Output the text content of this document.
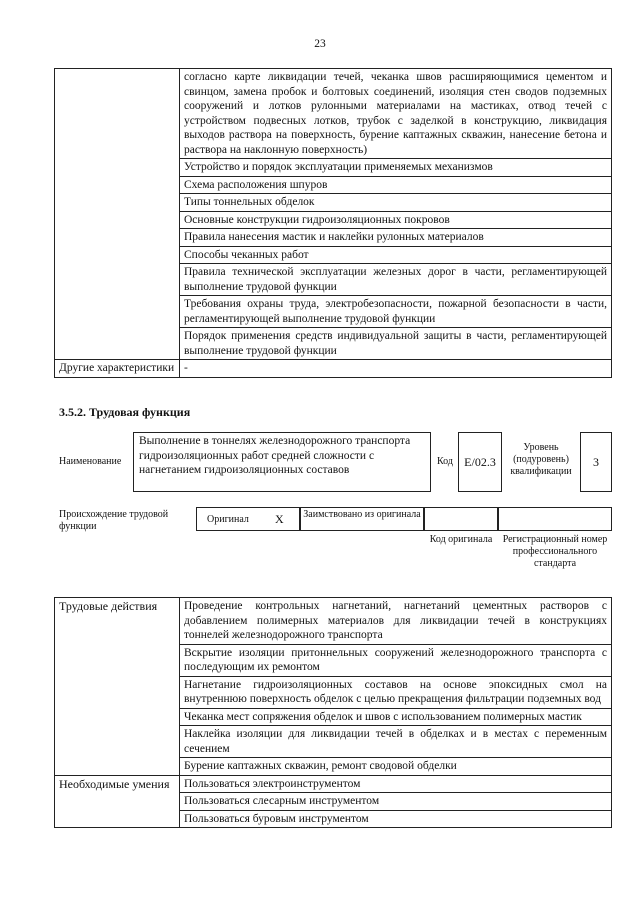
23
	согласно карте ликвидации течей, чеканка швов расширяющимися цементом и свинцом, замена пробок и болтовых соединений, изоляция стен сводов подземных сооружений и лотков рулонными материалами на мастиках, отвод течей с устройством подвесных лотков, трубок с заделкой в конструкцию, ликвидация выходов раствора на поверхность, бурение каптажных скважин, нанесение бетона и раствора на наклонную поверхность)
	Устройство и порядок эксплуатации применяемых механизмов
	Схема расположения шпуров
	Типы тоннельных обделок
	Основные конструкции гидроизоляционных покровов
	Правила нанесения мастик и наклейки рулонных материалов
	Способы чеканных работ
	Правила технической эксплуатации железных дорог в части, регламентирующей выполнение трудовой функции
	Требования охраны труда, электробезопасности, пожарной безопасности в части, регламентирующей выполнение трудовой функции
	Порядок применения средств индивидуальной защиты в части, регламентирующей выполнение трудовой функции
Другие характеристики	-
3.5.2. Трудовая функция
Наименование
Выполнение в тоннелях железнодорожного транспорта гидроизоляционных работ средней сложности с нагнетанием гидроизоляционных составов
Код E/02.3
Уровень (подуровень) квалификации
3
Происхождение трудовой функции
Оригинал X Заимствовано из оригинала
Код оригинала	Регистрационный номер профессионального стандарта
Трудовые действия	Проведение контрольных нагнетаний, нагнетаний цементных растворов с добавлением полимерных материалов для ликвидации течей в конструкциях тоннелей железнодорожного транспорта
	Вскрытие изоляции притоннельных сооружений железнодорожного транспорта с последующим их ремонтом
	Нагнетание гидроизоляционных составов на основе эпоксидных смол на внутреннюю поверхность обделок с целью прекращения фильтрации подземных вод
	Чеканка мест сопряжения обделок и швов с использованием полимерных мастик
	Наклейка изоляции для ликвидации течей в обделках и в местах с переменным сечением
	Бурение каптажных скважин, ремонт сводовой обделки
Необходимые умения	Пользоваться электроинструментом
	Пользоваться слесарным инструментом
	Пользоваться буровым инструментом
